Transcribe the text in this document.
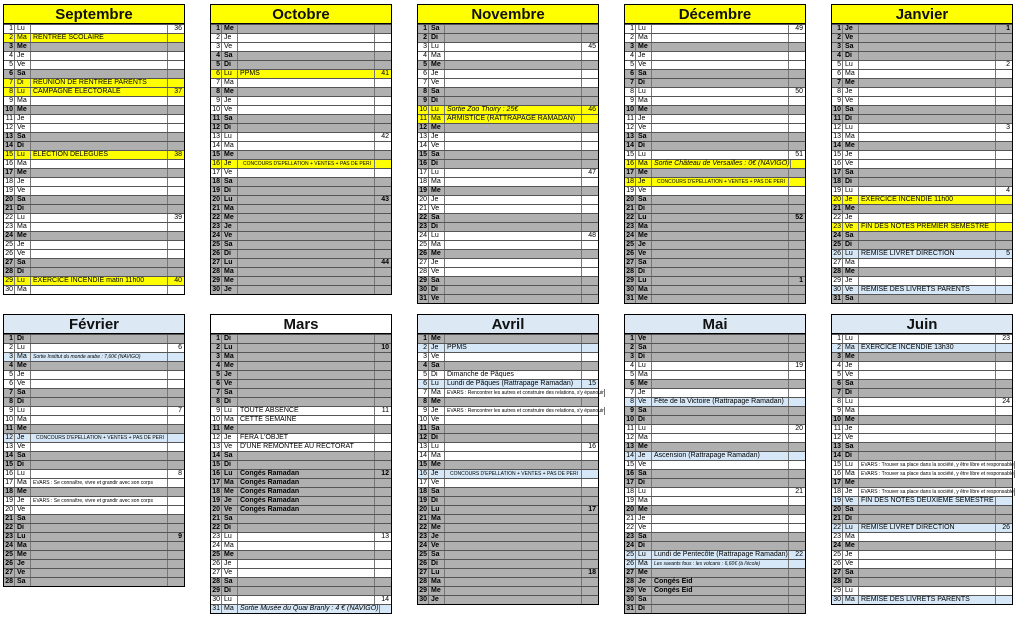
Septembre
1 Lu	36
2 Ma RENTREE SCOLAIRE
3 Me
4 Je
5 Ve
6 Sa
7 Di	REUNION DE RENTREE PARENTS
8 Lu	CAMPAGNE ELECTORALE	37
9 Ma
10 Me
11 Je
12 Ve
13 Sa
14 Di
15 Lu	ELECTION DELEGUES	38
16 Ma
17 Me
18 Je
19 Ve
20 Sa
21 Di
22 Lu	39
23 Ma
24 Me
25 Je
26 Ve
27 Sa
28 Di
29 Lu	EXERCICE INCENDIE matin 11h00	40
30 Ma
Octobre
1 Me
2 Je
3 Ve
4 Sa
5 Di
6 Lu	PPMS	41
7 Ma
8 Me
9 Je
10 Ve
11 Sa
12 Di
13 Lu	42
14 Ma
15 Me
16 Je	CONCOURS D'EPELLATION + VENTES + PAS DE PERI
17 Ve
18 Sa
19 Di
20 Lu	43
21 Ma
22 Me
23 Je
24 Ve
25 Sa
26 Di
27 Lu	44
28 Ma
29 Me
30 Je
Novembre
1 Sa
2 Di
3 Lu	45
4 Ma
5 Me
6 Je
7 Ve
8 Sa
9 Di
10 Lu	Sortie Zoo Thoiry : 25€	46
11 Ma ARMISTICE (RATTRAPAGE RAMADAN)
12 Me
13 Je
14 Ve
15 Sa
16 Di
17 Lu	47
18 Ma
19 Me
20 Je
21 Ve
22 Sa
23 Di
24 Lu	48
25 Ma
26 Me
27 Je
28 Ve
29 Sa
30 Di
31 Ve
Décembre
1 Lu	49
2 Ma
3 Me
4 Je
5 Ve
6 Sa
7 Di
8 Lu	50
9 Ma
10 Me
11 Je
12 Ve
13 Sa
14 Di
15 Lu	51
16 Ma Sortie Château de Versailles : 0€ (NAVIGO)
17 Me
18 Je	CONCOURS D'EPELLATION + VENTES + PAS DE PERI
19 Ve
20 Sa
21 Di
22 Lu	52
23 Ma
24 Me
25 Je
26 Ve
27 Sa
28 Di
29 Lu	1
30 Ma
31 Me
Janvier
1 Je	1
2 Ve
3 Sa
4 Di
5 Lu	2
6 Ma
7 Me
8 Je
9 Ve
10 Sa
11 Di
12 Lu	3
13 Ma
14 Me
15 Je
16 Ve
17 Sa
18 Di
19 Lu	4
20 Je	EXERCICE INCENDIE 11h00
21 Me
22 Je
23 Ve	FIN DES NOTES PREMIER SEMESTRE
24 Sa
25 Di
26 Lu	REMISE LIVRET DIRECTION	5
27 Ma
28 Me
29 Je
30 Ve	REMISE DES LIVRETS PARENTS
31 Sa
Février
1 Di
2 Lu	6
3 Ma	Sortie Institut du monde arabe : 7,60€ (NAVIGO)
4 Me
5 Je
6 Ve
7 Sa
8 Di
9 Lu	7
10 Ma
11 Me
12 Je	CONCOURS D'EPELLATION + VENTES + PAS DE PERI
13 Ve
14 Sa
15 Di
16 Lu	8
17 Ma	EVARS : Se connaître, vivre et grandir avec son corps
18 Me
19 Je	EVARS : Se connaître, vivre et grandir avec son corps
20 Ve
21 Sa
22 Di
23 Lu	9
24 Ma
25 Me
26 Je
27 Ve
28 Sa
Mars
1 Di
2 Lu	10
3 Ma
4 Me
5 Je
6 Ve
7 Sa
8 Di
9 Lu	TOUTE ABSENCE	11
10 Ma CETTE SEMAINE
11 Me
12 Je	FERA L'OBJET
13 Ve	D'UNE REMONTEE AU RECTORAT
14 Sa
15 Di
16 Lu	Congés Ramadan	12
17 Ma Congés Ramadan
18 Me Congés Ramadan
19 Je	Congés Ramadan
20 Ve	Congés Ramadan
21 Sa
22 Di
23 Lu	13
24 Ma
25 Me
26 Je
27 Ve
28 Sa
29 Di
30 Lu	14
31 Ma Sortie Musée du Quai Branly : 4 € (NAVIGO)
Avril
1 Me
2 Je	PPMS
3 Ve
4 Sa
5 Di	Dimanche de Pâques
6 Lu	Lundi de Pâques (Rattrapage Ramadan)	15
7 Ma	EVARS : Rencontrer les autres et construire des relations, s'y épanouir
8 Me
9 Je	EVARS : Rencontrer les autres et construire des relations, s'y épanouir
10 Ve
11 Sa
12 Di
13 Lu	16
14 Ma
15 Me
16 Je	CONCOURS D'EPELLATION + VENTES + PAS DE PERI
17 Ve
18 Sa
19 Di
20 Lu	17
21 Ma
22 Me
23 Je
24 Ve
25 Sa
26 Di
27 Lu	18
28 Ma
29 Me
30 Je
Mai
1 Ve
2 Sa
3 Di
4 Lu	19
5 Ma
6 Me
7 Je
8 Ve	Fête de la Victoire (Rattrapage Ramadan)
9 Sa
10 Di
11 Lu	20
12 Ma
13 Me
14 Je	Ascension (Rattrapage Ramadan)
15 Ve
16 Sa
17 Di
18 Lu	21
19 Ma
20 Me
21 Je
22 Ve
23 Sa
24 Di
25 Lu	Lundi de Pentecôte (Rattrapage Ramadan)	22
26 Ma	Les savants fous : les volcans : 6,60€ (à l'école)
27 Me
28 Je	Congés Eid
29 Ve	Congés Eid
30 Sa
31 Di
Juin
1 Lu	23
2 Ma EXERCICE INCENDIE 13h30
3 Me
4 Je
5 Ve
6 Sa
7 Di
8 Lu	24
9 Ma
10 Me
11 Je
12 Ve
13 Sa
14 Di
15 Lu	EVARS : Trouver sa place dans la société, y être libre et responsable
16 Ma	EVARS : Trouver sa place dans la société, y être libre et responsable
17 Me
18 Je	EVARS : Trouver sa place dans la société, y être libre et responsable
19 Ve	FIN DES NOTES DEUXIEME SEMESTRE
20 Sa
21 Di
22 Lu	REMISE LIVRET DIRECTION	26
23 Ma
24 Me
25 Je
26 Ve
27 Sa
28 Di
29 Lu
30 Ma REMISE DES LIVRETS PARENTS
